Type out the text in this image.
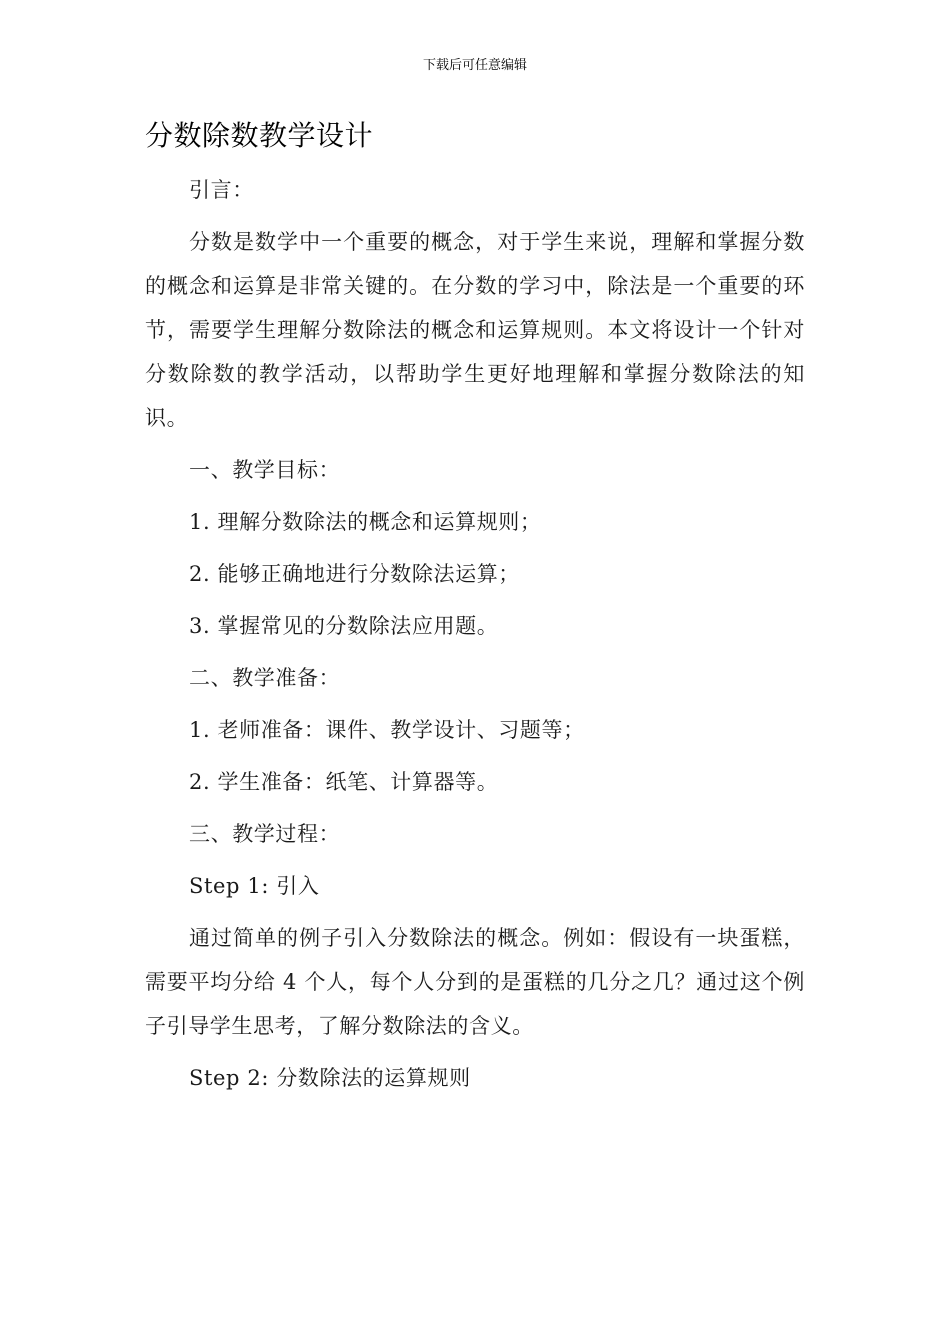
下载后可任意编辑
分数除数教学设计

引言：

分数是数学中一个重要的概念，对于学生来说，理解和掌握分数的概念和运算是非常关键的。在分数的学习中，除法是一个重要的环节，需要学生理解分数除法的概念和运算规则。本文将设计一个针对分数除数的教学活动，以帮助学生更好地理解和掌握分数除法的知识。

一、教学目标：

1. 理解分数除法的概念和运算规则；

2. 能够正确地进行分数除法运算；

3. 掌握常见的分数除法应用题。

二、教学准备：

1. 老师准备：课件、教学设计、习题等；

2. 学生准备：纸笔、计算器等。

三、教学过程：

Step 1: 引入

通过简单的例子引入分数除法的概念。例如：假设有一块蛋糕，需要平均分给 4 个人，每个人分到的是蛋糕的几分之几？通过这个例子引导学生思考，了解分数除法的含义。

Step 2: 分数除法的运算规则
